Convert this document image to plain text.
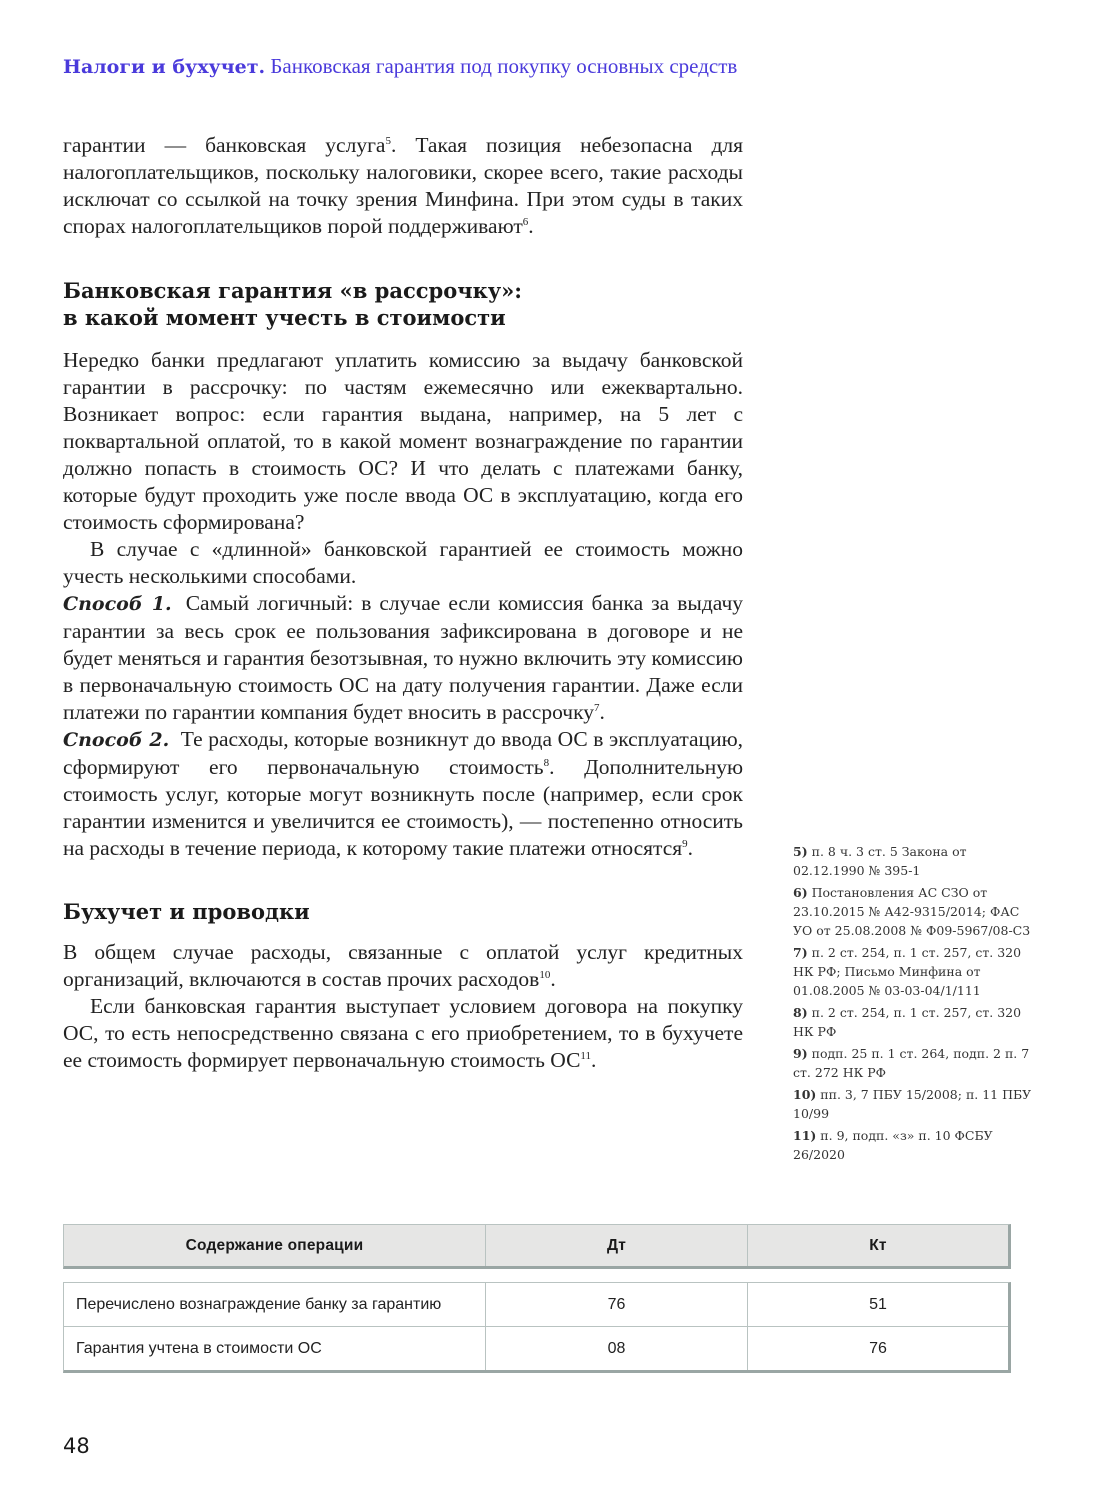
Налоги и бухучет. Банковская гарантия под покупку основных средств

гарантии — банковская услуга$^5$. Такая позиция небезопасна для налогоплательщиков, поскольку налоговики, скорее всего, такие расходы исключат со ссылкой на точку зрения Минфина. При этом суды в таких спорах налогоплательщиков порой поддерживают$^6$.

Банковская гарантия «в рассрочку»:
в какой момент учесть в стоимости

Нередко банки предлагают уплатить комиссию за выдачу банковской гарантии в рассрочку: по частям ежемесячно или ежеквартально. Возникает вопрос: если гарантия выдана, например, на 5 лет с поквартальной оплатой, то в какой момент вознаграждение по гарантии должно попасть в стоимость ОС? И что делать с платежами банку, которые будут проходить уже после ввода ОС в эксплуатацию, когда его стоимость сформирована?

В случае с «длинной» банковской гарантией ее стоимость можно учесть несколькими способами.

Способ 1. Самый логичный: в случае если комиссия банка за выдачу гарантии за весь срок ее пользования зафиксирована в договоре и не будет меняться и гарантия безотзывная, то нужно включить эту комиссию в первоначальную стоимость ОС на дату получения гарантии. Даже если платежи по гарантии компания будет вносить в рассрочку$^7$.

Способ 2. Те расходы, которые возникнут до ввода ОС в эксплуатацию, сформируют его первоначальную стоимость$^8$. Дополнительную стоимость услуг, которые могут возникнуть после (например, если срок гарантии изменится и увеличится ее стоимость), — постепенно относить на расходы в течение периода, к которому такие платежи относятся$^9$.

Бухучет и проводки

В общем случае расходы, связанные с оплатой услуг кредитных организаций, включаются в состав прочих расходов$^{10}$.

Если банковская гарантия выступает условием договора на покупку ОС, то есть непосредственно связана с его приобретением, то в бухучете ее стоимость формирует первоначальную стоимость ОС$^{11}$.

5) п. 8 ч. 3 ст. 5 Закона от 02.12.1990 № 395-1
6) Постановления АС СЗО от 23.10.2015 № А42-9315/2014; ФАС УО от 25.08.2008 № Ф09-5967/08-С3
7) п. 2 ст. 254, п. 1 ст. 257, ст. 320 НК РФ; Письмо Минфина от 01.08.2005 № 03-03-04/1/111
8) п. 2 ст. 254, п. 1 ст. 257, ст. 320 НК РФ
9) подп. 25 п. 1 ст. 264, подп. 2 п. 7 ст. 272 НК РФ
10) пп. 3, 7 ПБУ 15/2008; п. 11 ПБУ 10/99
11) п. 9, подп. «з» п. 10 ФСБУ 26/2020
Содержание операции	Дт	Кт
Перечислено вознаграждение банку за гарантию	76	51
Гарантия учтена в стоимости ОС	08	76
48
